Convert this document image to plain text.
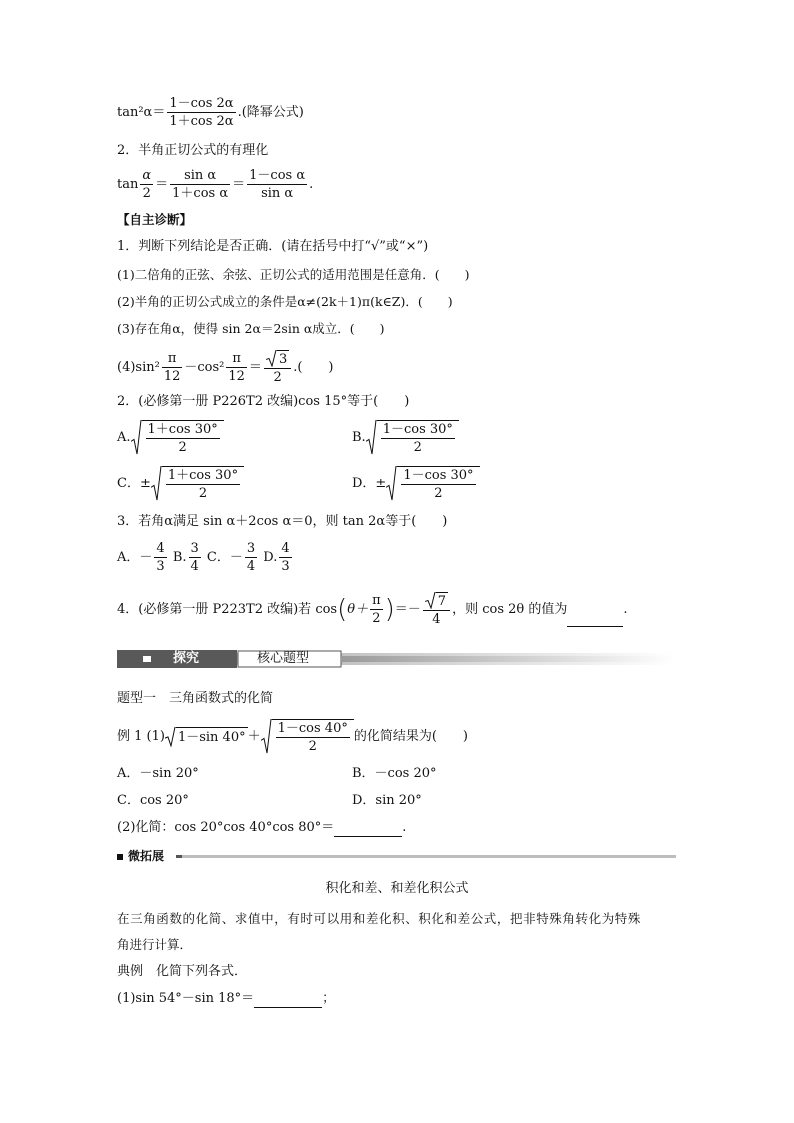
$\tan^2\alpha= \frac{1-\cos 2\alpha}{1+\cos 2\alpha}$ .(降幂公式)
2．半角正切公式的有理化
$\tan \frac{\alpha}{2} = \frac{\text{sin α}}{\text{1＋cos α}} = \frac{\text{1－cos α}}{\text{sin α}}$ .
【自主诊断】
1．判断下列结论是否正确．(请在括号中打“√”或“×”)
(1)二倍角的正弦、余弦、正切公式的适用范围是任意角．(　　)
(2)半角的正切公式成立的条件是α≠(2k＋1)π(k∈Z)．(　　)
(3)存在角α，使得 sin 2α＝2sin α成立．(　　)
$(4)\sin^2 \frac{\pi}{12} -\cos^2 \frac{\pi}{12} = \frac{3}{2}$ .(　　)
2．(必修第一册 P226T2 改编)cos 15°等于(　　)
A. $\frac{1+\cos 30^\circ}{2}$	B. $\frac{1-\cos 30^\circ}{2}$
C．± $\frac{1+\cos 30^\circ}{2}$	D．± $\frac{1-\cos 30^\circ}{2}$
3．若角α满足 sin α＋2cos α＝0，则 tan 2α等于(　　)
A．－ $\frac{4}{3} B$. $\frac{3}{4}$ C．－ $\frac{3}{4} D$. $\frac{4}{3}$
4．(必修第一册 P223T2 改编)若 $\cos(\theta+ \frac{\pi}{2}$ )＝－ $\frac{7}{4}$ ，则 cos 2θ 的值为	.
探究	核心题型
题型一　三角函数式的化简
例 1 (1) 1－sin $40^\circ + \frac{1-\cos 40^\circ}{2}$ 的化简结果为(　　)
A．－sin 20°	B．－cos 20°
C．cos 20°	D．sin 20°
(2)化简：cos 20°cos 40°cos 80°＝	.
微拓展
积化和差、和差化积公式
在三角函数的化简、求值中，有时可以用和差化积、积化和差公式，把非特殊角转化为特殊
角进行计算．
典例　化简下列各式．
(1)sin 54°－sin 18°＝	；
